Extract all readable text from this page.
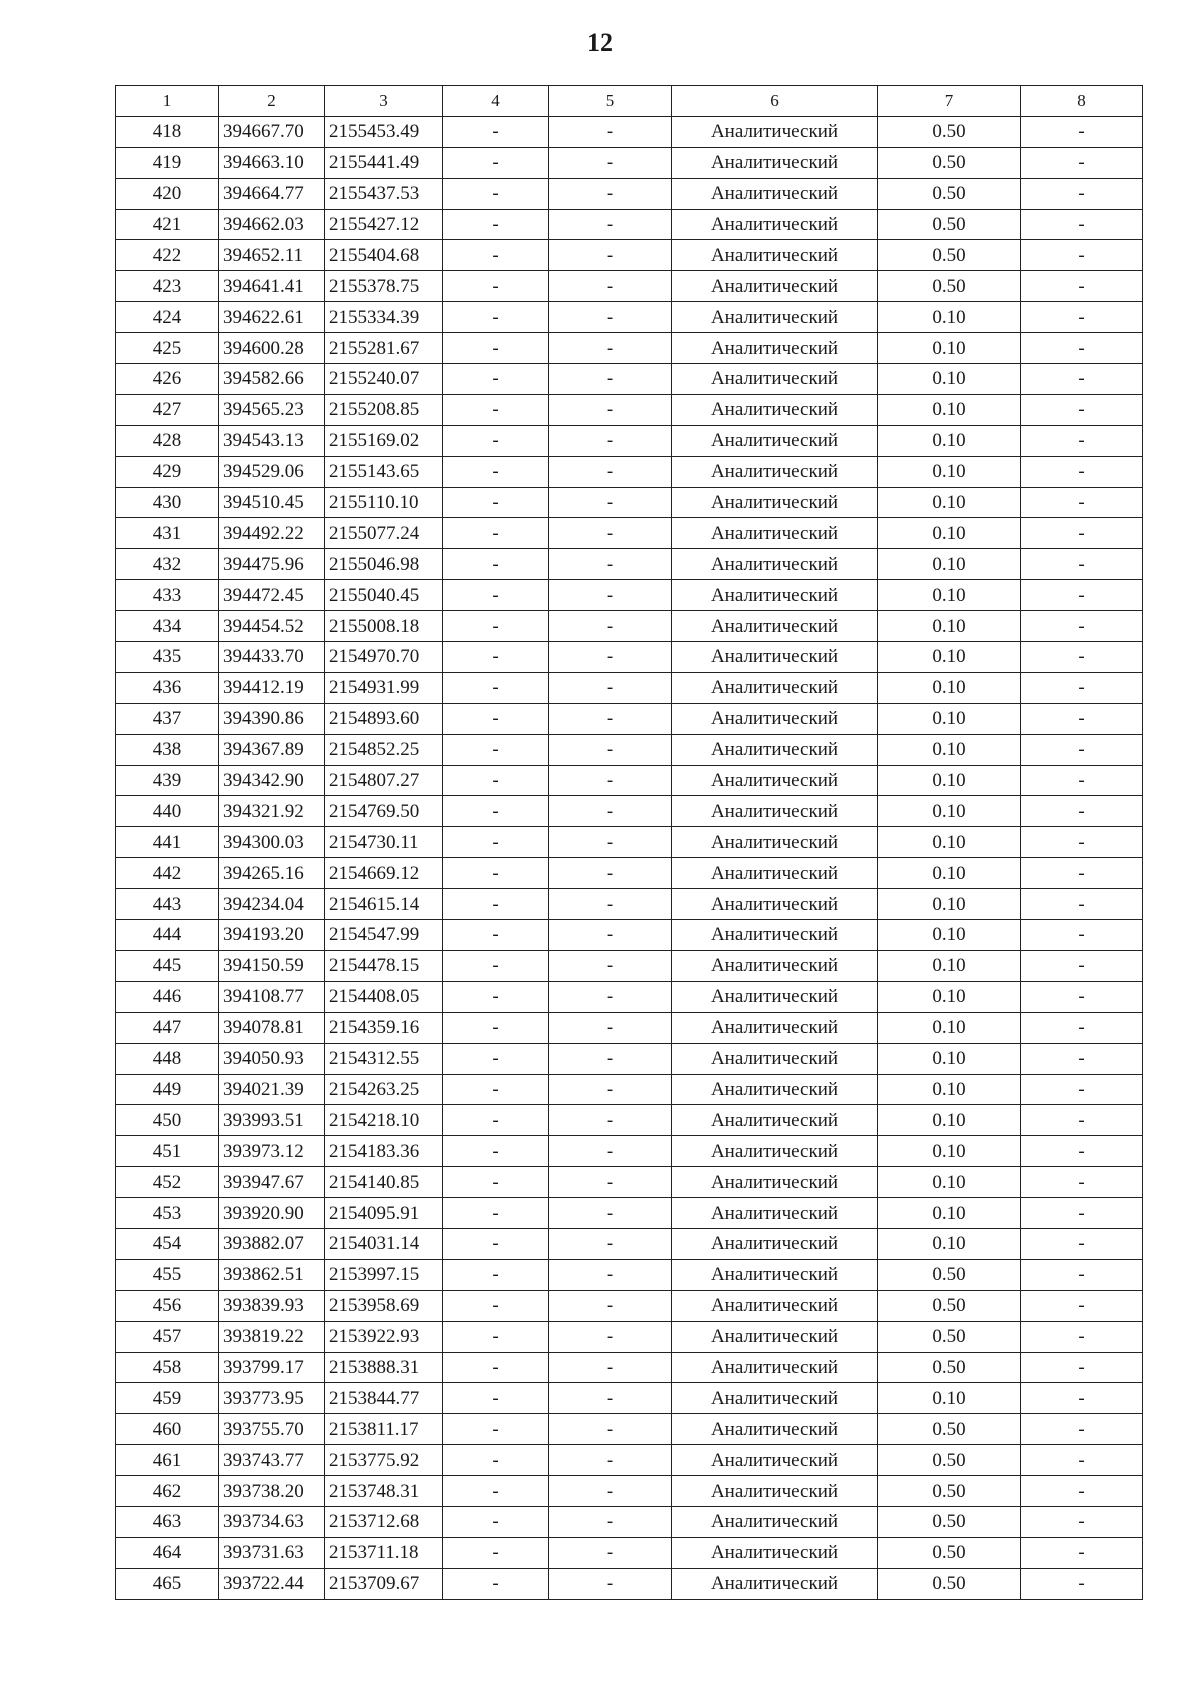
12
1	2	3	4	5	6	7	8
418	394667.70	2155453.49	-	-	Аналитический	0.50	-
419	394663.10	2155441.49	-	-	Аналитический	0.50	-
420	394664.77	2155437.53	-	-	Аналитический	0.50	-
421	394662.03	2155427.12	-	-	Аналитический	0.50	-
422	394652.11	2155404.68	-	-	Аналитический	0.50	-
423	394641.41	2155378.75	-	-	Аналитический	0.50	-
424	394622.61	2155334.39	-	-	Аналитический	0.10	-
425	394600.28	2155281.67	-	-	Аналитический	0.10	-
426	394582.66	2155240.07	-	-	Аналитический	0.10	-
427	394565.23	2155208.85	-	-	Аналитический	0.10	-
428	394543.13	2155169.02	-	-	Аналитический	0.10	-
429	394529.06	2155143.65	-	-	Аналитический	0.10	-
430	394510.45	2155110.10	-	-	Аналитический	0.10	-
431	394492.22	2155077.24	-	-	Аналитический	0.10	-
432	394475.96	2155046.98	-	-	Аналитический	0.10	-
433	394472.45	2155040.45	-	-	Аналитический	0.10	-
434	394454.52	2155008.18	-	-	Аналитический	0.10	-
435	394433.70	2154970.70	-	-	Аналитический	0.10	-
436	394412.19	2154931.99	-	-	Аналитический	0.10	-
437	394390.86	2154893.60	-	-	Аналитический	0.10	-
438	394367.89	2154852.25	-	-	Аналитический	0.10	-
439	394342.90	2154807.27	-	-	Аналитический	0.10	-
440	394321.92	2154769.50	-	-	Аналитический	0.10	-
441	394300.03	2154730.11	-	-	Аналитический	0.10	-
442	394265.16	2154669.12	-	-	Аналитический	0.10	-
443	394234.04	2154615.14	-	-	Аналитический	0.10	-
444	394193.20	2154547.99	-	-	Аналитический	0.10	-
445	394150.59	2154478.15	-	-	Аналитический	0.10	-
446	394108.77	2154408.05	-	-	Аналитический	0.10	-
447	394078.81	2154359.16	-	-	Аналитический	0.10	-
448	394050.93	2154312.55	-	-	Аналитический	0.10	-
449	394021.39	2154263.25	-	-	Аналитический	0.10	-
450	393993.51	2154218.10	-	-	Аналитический	0.10	-
451	393973.12	2154183.36	-	-	Аналитический	0.10	-
452	393947.67	2154140.85	-	-	Аналитический	0.10	-
453	393920.90	2154095.91	-	-	Аналитический	0.10	-
454	393882.07	2154031.14	-	-	Аналитический	0.10	-
455	393862.51	2153997.15	-	-	Аналитический	0.50	-
456	393839.93	2153958.69	-	-	Аналитический	0.50	-
457	393819.22	2153922.93	-	-	Аналитический	0.50	-
458	393799.17	2153888.31	-	-	Аналитический	0.50	-
459	393773.95	2153844.77	-	-	Аналитический	0.10	-
460	393755.70	2153811.17	-	-	Аналитический	0.50	-
461	393743.77	2153775.92	-	-	Аналитический	0.50	-
462	393738.20	2153748.31	-	-	Аналитический	0.50	-
463	393734.63	2153712.68	-	-	Аналитический	0.50	-
464	393731.63	2153711.18	-	-	Аналитический	0.50	-
465	393722.44	2153709.67	-	-	Аналитический	0.50	-
